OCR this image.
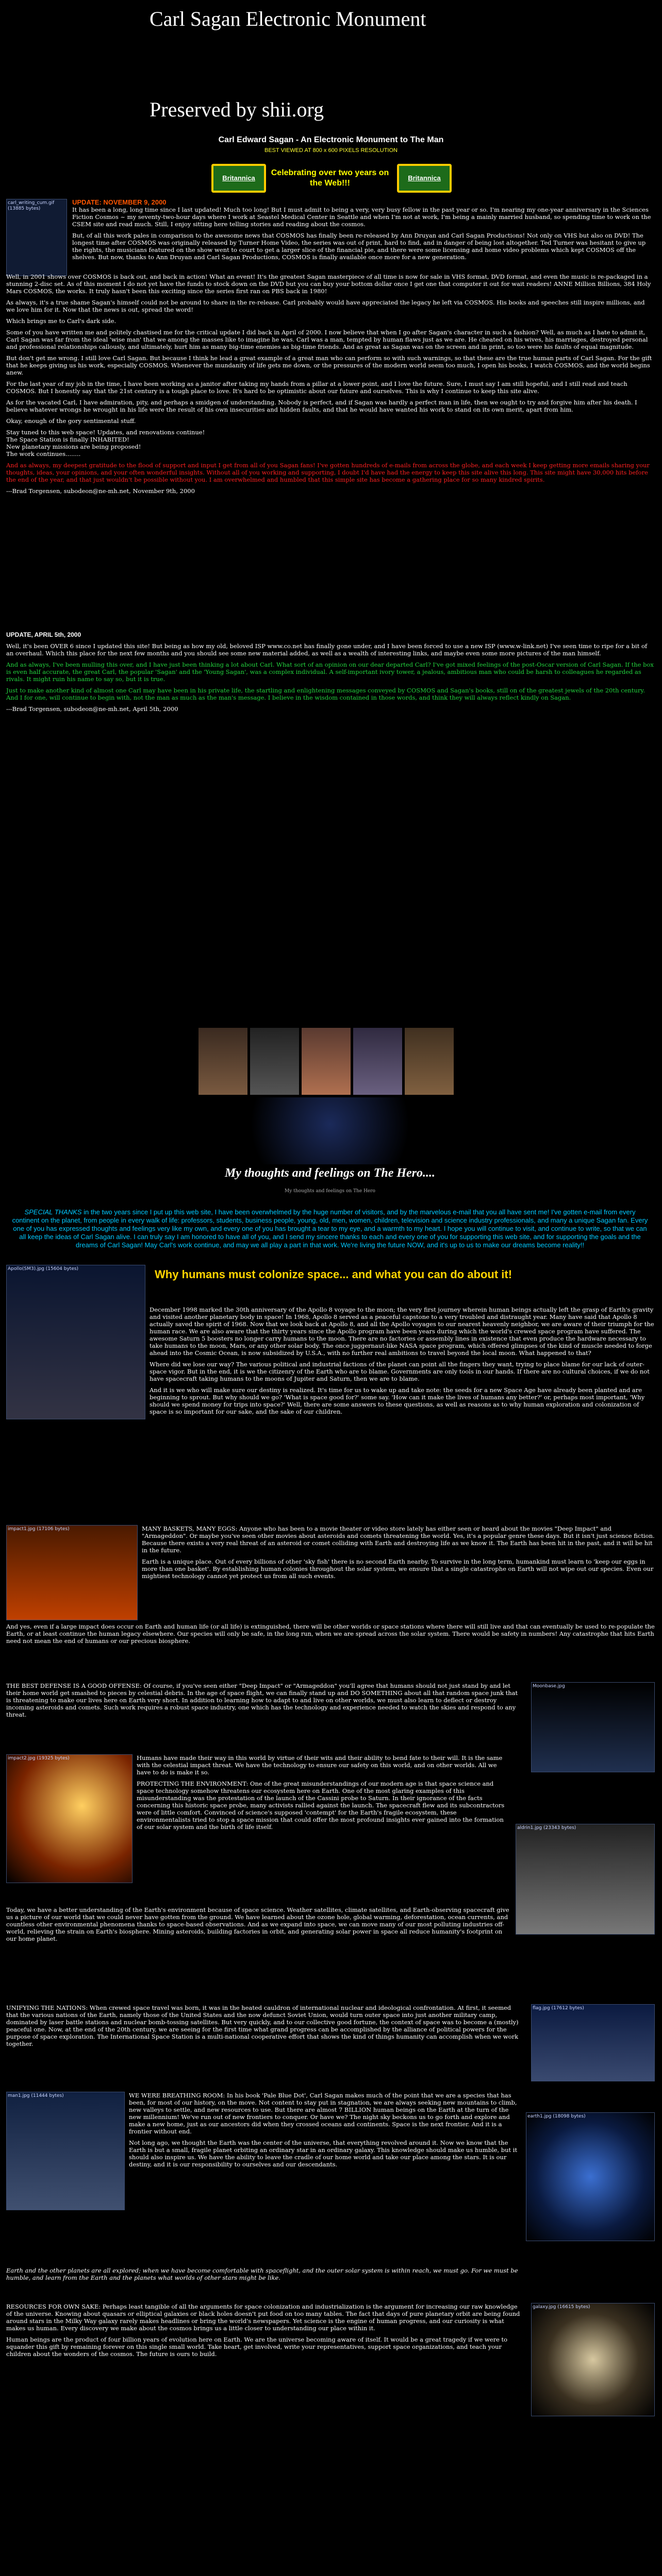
Carl Sagan Electronic Monument
Preserved by shii.org
Carl Edward Sagan - An Electronic Monument to The Man
BEST VIEWED AT 800 x 600 PIXELS RESOLUTION
Britannica
Celebrating over two years on the Web!!!
Britannica
carl_writing_cum.gif (13885 bytes)

UPDATE: NOVEMBER 9, 2000
It has been a long, long time since I last updated! Much too long! But I must admit to being a very, very busy fellow in the past year or so. I'm nearing my one-year anniversary in the Sciences Fiction Cosmos ~ my seventy-two-hour days where I work at Seastel Medical Center in Seattle and when I'm not at work, I'm being a mainly married husband, so spending time to work on the CSEM site and read much. Still, I enjoy sitting here telling stories and reading about the cosmos.

But, of all this work pales in comparison to the awesome news that COSMOS has finally been re-released by Ann Druyan and Carl Sagan Productions! Not only on VHS but also on DVD! The longest time after COSMOS was originally released by Turner Home Video, the series was out of print, hard to find, and in danger of being lost altogether. Ted Turner was hesitant to give up the rights, the musicians featured on the show went to court to get a larger slice of the financial pie, and there were some licensing and home video problems which kept COSMOS off the shelves. But now, thanks to Ann Druyan and Carl Sagan Productions, COSMOS is finally available once more for a new generation.

Well, in 2001 shows over COSMOS is back out, and back in action! What an event! It's the greatest Sagan masterpiece of all time is now for sale in VHS format, DVD format, and even the music is re-packaged in a stunning 2-disc set. As of this moment I do not yet have the funds to stock down on the DVD but you can buy your bottom dollar once I get one that computer it out for wait readers! ANNE Million Billions, 384 Holy Mars COSMOS, the works. It truly hasn't been this exciting since the series first ran on PBS back in 1980!

As always, it's a true shame Sagan's himself could not be around to share in the re-release. Carl probably would have appreciated the legacy he left via COSMOS. His books and speeches still inspire millions, and we love him for it. Now that the news is out, spread the word!

Which brings me to Carl's dark side.

Some of you have written me and politely chastised me for the critical update I did back in April of 2000. I now believe that when I go after Sagan's character in such a fashion? Well, as much as I hate to admit it, Carl Sagan was far from the ideal 'wise man' that we among the masses like to imagine he was. Carl was a man, tempted by human flaws just as we are. He cheated on his wives, his marriages, destroyed personal and professional relationships callously, and ultimately, hurt him as many big-time enemies as big-time friends. And as great as Sagan was on the screen and in print, so too were his faults of equal magnitude.

But don't get me wrong. I still love Carl Sagan. But because I think he lead a great example of a great man who can perform so with such warnings, so that these are the true human parts of Carl Sagan. For the gift that he keeps giving us his work, especially COSMOS. Whenever the mundanity of life gets me down, or the pressures of the modern world seem too much, I open his books, I watch COSMOS, and the world begins anew.

For the last year of my job in the time, I have been working as a janitor after taking my hands from a pillar at a lower point, and I love the future. Sure, I must say I am still hopeful, and I still read and teach COSMOS. But I honestly say that the 21st century is a tough place to love. It's hard to be optimistic about our future and ourselves. This is why I continue to keep this site alive.

As for the vacated Carl, I have admiration, pity, and perhaps a smidgen of understanding. Nobody is perfect, and if Sagan was hardly a perfect man in life, then we ought to try and forgive him after his death. I believe whatever wrongs he wrought in his life were the result of his own insecurities and hidden faults, and that he would have wanted his work to stand on its own merit, apart from him.

Okay, enough of the gory sentimental stuff.

Stay tuned to this web space! Updates, and renovations continue!
The Space Station is finally INHABITED!
New planetary missions are being proposed!

The work continues........

And as always, my deepest gratitude to the flood of support and input I get from all of you Sagan fans! I've gotten hundreds of e-mails from across the globe, and each week I keep getting more emails sharing your thoughts, ideas, your opinions, and your often wonderful insights. Without all of you working and supporting, I doubt I'd have had the energy to keep this site alive this long. This site might have 30,000 hits before the end of the year, and that just wouldn't be possible without you. I am overwhelmed and humbled that this simple site has become a gathering place for so many kindred spirits.

---Brad Torgensen, subodeon@ne-mh.net, November 9th, 2000

UPDATE, APRIL 5th, 2000

Well, it's been OVER 6 since I updated this site! But being as how my old, beloved ISP www.co.net has finally gone under, and I have been forced to use a new ISP (www.w-link.net) I've seen time to ripe for a bit of an overhaul. Which this place for the next few months and you should see some new material added, as well as a wealth of interesting links, and maybe even some more pictures of the man himself.

And as always, I've been mulling this over, and I have just been thinking a lot about Carl. What sort of an opinion on our dear departed Carl? I've got mixed feelings of the post-Oscar version of Carl Sagan. If the box is even half accurate, the great Carl, the popular 'Sagan' and the 'Young Sagan', was a complex individual. A self-important ivory tower, a jealous, ambitious man who could be harsh to colleagues he regarded as rivals. It might ruin his name to say so, but it is true.

Just to make another kind of almost one Carl may have been in his private life, the startling and enlightening messages conveyed by COSMOS and Sagan's books, still on of the greatest jewels of the 20th century. And I for one, will continue to begin with, not the man as much as the man's message. I believe in the wisdom contained in those words, and think they will always reflect kindly on Sagan.

---Brad Torgensen, subodeon@ne-mh.net, April 5th, 2000

My thoughts and feelings on The Hero....
My thoughts and feelings on The Hero
SPECIAL THANKS in the two years since I put up this web site, I have been overwhelmed by the huge number of visitors, and by the marvelous e-mail that you all have sent me! I've gotten e-mail from every continent on the planet, from people in every walk of life: professors, students, business people, young, old, men, women, children, television and science industry professionals, and many a unique Sagan fan. Every one of you has expressed thoughts and feelings very like my own, and every one of you has brought a tear to my eye, and a warmth to my heart. I hope you will continue to visit, and continue to write, so that we can all keep the ideas of Carl Sagan alive. I can truly say I am honored to have all of you, and I send my sincere thanks to each and every one of you for supporting this web site, and for supporting the goals and the dreams of Carl Sagan! May Carl's work continue, and may we all play a part in that work. We're living the future NOW, and it's up to us to make our dreams become reality!!
Apollo(SM3).jpg (15604 bytes)	Why humans must colonize space... and what you can do about it!

December 1998 marked the 30th anniversary of the Apollo 8 voyage to the moon; the very first journey wherein human beings actually left the grasp of Earth's gravity and visited another planetary body in space! In 1968, Apollo 8 served as a peaceful capstone to a very troubled and distraught year. Many have said that Apollo 8 actually saved the spirit of 1968. Now that we look back at Apollo 8, and all the Apollo voyages to our nearest heavenly neighbor, we are aware of their triumph for the human race. We are also aware that the thirty years since the Apollo program have been years during which the world's crewed space program have suffered. The awesome Saturn 5 boosters no longer carry humans to the moon. There are no factories or assembly lines in existence that even produce the hardware necessary to take humans to the moon, Mars, or any other solar body. The once juggernaut-like NASA space program, which offered glimpses of the kind of muscle needed to forge ahead into the Cosmic Ocean, is now subsidized by U.S.A., with no further real ambitions to travel beyond the local moon. What happened to that?

Where did we lose our way? The various political and industrial factions of the planet can point all the fingers they want, trying to place blame for our lack of outer-space vigor. But in the end, it is we the citizenry of the Earth who are to blame. Governments are only tools in our hands. If there are no cultural choices, if we do not have spacecraft taking humans to the moons of Jupiter and Saturn, then we are to blame.

And it is we who will make sure our destiny is realized. It's time for us to wake up and take note: the seeds for a new Space Age have already been planted and are beginning to sprout. But why should we go? 'What is space good for?' some say. 'How can it make the lives of humans any better?' or, perhaps most important, 'Why should we spend money for trips into space?' Well, there are some answers to these questions, as well as reasons as to why human exploration and colonization of space is so important for our sake, and the sake of our children.

impact1.jpg (17106 bytes)	MANY BASKETS, MANY EGGS: Anyone who has been to a movie theater or video store lately has either seen or heard about the movies "Deep Impact" and "Armageddon". Or maybe you've seen other movies about asteroids and comets threatening the world. Yes, it's a popular genre these days. But it isn't just science fiction. Because there exists a very real threat of an asteroid or comet colliding with Earth and destroying life as we know it. The Earth has been hit in the past, and it will be hit in the future.

Earth is a unique place. Out of every billions of other 'sky fish' there is no second Earth nearby. To survive in the long term, humankind must learn to 'keep our eggs in more than one basket'. By establishing human colonies throughout the solar system, we ensure that a single catastrophe on Earth will not wipe out our species. Even our mightiest technology cannot yet protect us from all such events.

And yes, even if a large impact does occur on Earth and human life (or all life) is extinguished, there will be other worlds or space stations where there will still live and that can eventually be used to re-populate the Earth, or at least continue the human legacy elsewhere. Our species will only be safe, in the long run, when we are spread across the solar system. There would be safety in numbers! Any catastrophe that hits Earth need not mean the end of humans or our precious biosphere.

THE BEST DEFENSE IS A GOOD OFFENSE: Of course, if you've seen either "Deep Impact" or "Armageddon" you'll agree that humans should not just stand by and let their home world get smashed to pieces by celestial debris. In the age of space flight, we can finally stand up and DO SOMETHING about all that random space junk that is threatening to make our lives here on Earth very short. In addition to learning how to adapt to and live on other worlds, we must also learn to deflect or destroy incoming asteroids and comets. Such work requires a robust space industry, one which has the technology and experience needed to watch the skies and respond to any threat.

Moonbase.jpg
impact2.jpg (19325 bytes)	Humans have made their way in this world by virtue of their wits and their ability to bend fate to their will. It is the same with the celestial impact threat. We have the technology to ensure our safety on this world, and on other worlds. All we have to do is make it so.

PROTECTING THE ENVIRONMENT: One of the great misunderstandings of our modern age is that space science and space technology somehow threatens our ecosystem here on Earth. One of the most glaring examples of this misunderstanding was the protestation of the launch of the Cassini probe to Saturn. In their ignorance of the facts concerning this historic space probe, many activists rallied against the launch. The spacecraft flew and its subcontractors were of little comfort. Convinced of science's supposed 'contempt' for the Earth's fragile ecosystem, these environmentalists tried to stop a space mission that could offer the most profound insights ever gained into the formation of our solar system and the birth of life itself.	aldrin1.jpg (23343 bytes)

Today, we have a better understanding of the Earth's environment because of space science. Weather satellites, climate satellites, and Earth-observing spacecraft give us a picture of our world that we could never have gotten from the ground. We have learned about the ozone hole, global warming, deforestation, ocean currents, and countless other environmental phenomena thanks to space-based observations. And as we expand into space, we can move many of our most polluting industries off-world, relieving the strain on Earth's biosphere. Mining asteroids, building factories in orbit, and generating solar power in space all reduce humanity's footprint on our home planet.

UNIFYING THE NATIONS: When crewed space travel was born, it was in the heated cauldron of international nuclear and ideological confrontation. At first, it seemed that the various nations of the Earth, namely those of the United States and the now defunct Soviet Union, would turn outer space into just another military camp, dominated by laser battle stations and nuclear bomb-tossing satellites. But very quickly, and to our collective good fortune, the context of space was to become a (mostly) peaceful one. Now, at the end of the 20th century, we are seeing for the first time what grand progress can be accomplished by the alliance of political powers for the purpose of space exploration. The International Space Station is a multi-national cooperative effort that shows the kind of things humanity can accomplish when we work together.

flag.jpg (17612 bytes)
man1.jpg (11444 bytes)	WE WERE BREATHING ROOM: In his book 'Pale Blue Dot', Carl Sagan makes much of the point that we are a species that has been, for most of our history, on the move. Not content to stay put in stagnation, we are always seeking new mountains to climb, new valleys to settle, and new resources to use. But there are almost 7 BILLION human beings on the Earth at the turn of the new millennium! We've run out of new frontiers to conquer. Or have we? The night sky beckons us to go forth and explore and make a new home, just as our ancestors did when they crossed oceans and continents. Space is the next frontier. And it is a frontier without end.

Not long ago, we thought the Earth was the center of the universe, that everything revolved around it. Now we know that the Earth is but a small, fragile planet orbiting an ordinary star in an ordinary galaxy. This knowledge should make us humble, but it should also inspire us. We have the ability to leave the cradle of our home world and take our place among the stars. It is our destiny, and it is our responsibility to ourselves and our descendants.

earth1.jpg (18098 bytes)

Earth and the other planets are all explored; when we have become comfortable with spaceflight, and the outer solar system is within reach, we must go. For we must be humble, and learn from the Earth and the planets what worlds of other stars might be like.

RESOURCES FOR OWN SAKE: Perhaps least tangible of all the arguments for space colonization and industrialization is the argument for increasing our raw knowledge of the universe. Knowing about quasars or elliptical galaxies or black holes doesn't put food on too many tables. The fact that days of pure planetary orbit are being found around stars in the Milky Way galaxy rarely makes headlines or bring the world's newspapers. Yet science is the engine of human progress, and our curiosity is what makes us human. Every discovery we make about the cosmos brings us a little closer to understanding our place within it.

Human beings are the product of four billion years of evolution here on Earth. We are the universe becoming aware of itself. It would be a great tragedy if we were to squander this gift by remaining forever on this single small world. Take heart, get involved, write your representatives, support space organizations, and teach your children about the wonders of the cosmos. The future is ours to build.

galaxy.jpg (16615 bytes)
